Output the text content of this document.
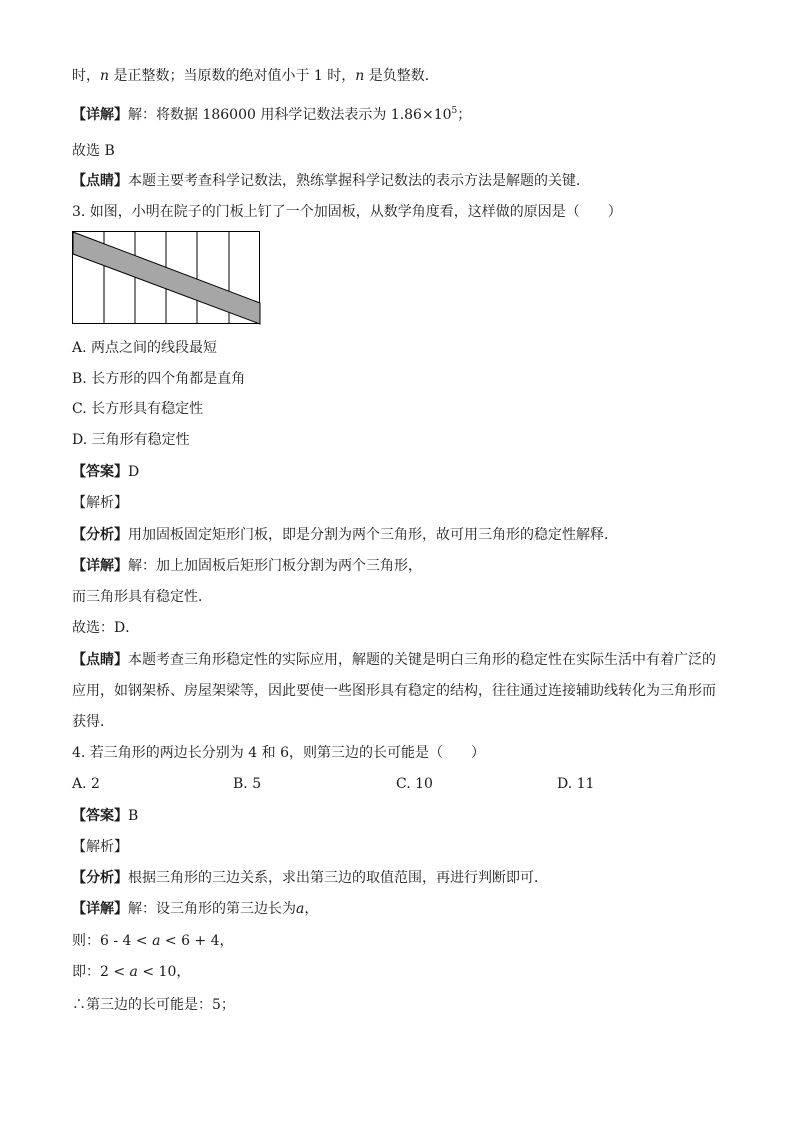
时，n 是正整数；当原数的绝对值小于 1 时，n 是负整数．
【详解】解：将数据 186000 用科学记数法表示为 $1.86\times 10^5$；
故选 B
【点睛】本题主要考查科学记数法，熟练掌握科学记数法的表示方法是解题的关键．
3. 如图，小明在院子的门板上钉了一个加固板，从数学角度看，这样做的原因是（　　）
A. 两点之间的线段最短
B. 长方形的四个角都是直角
C. 长方形具有稳定性
D. 三角形有稳定性
【答案】D
【解析】
【分析】用加固板固定矩形门板，即是分割为两个三角形，故可用三角形的稳定性解释．
【详解】解：加上加固板后矩形门板分割为两个三角形，
而三角形具有稳定性．
故选：D．
【点睛】本题考查三角形稳定性的实际应用，解题的关键是明白三角形的稳定性在实际生活中有着广泛的
应用，如钢架桥、房屋架梁等，因此要使一些图形具有稳定的结构，往往通过连接辅助线转化为三角形而
获得．
4. 若三角形的两边长分别为 4 和 6，则第三边的长可能是（　　）
A. 2	B. 5	C. 10	D. 11
【答案】B
【解析】
【分析】根据三角形的三边关系，求出第三边的取值范围，再进行判断即可．
【详解】解：设三角形的第三边长为a，
则：6 - 4 < a < 6 + 4，
即：2 < a < 10，
∴第三边的长可能是：5；
